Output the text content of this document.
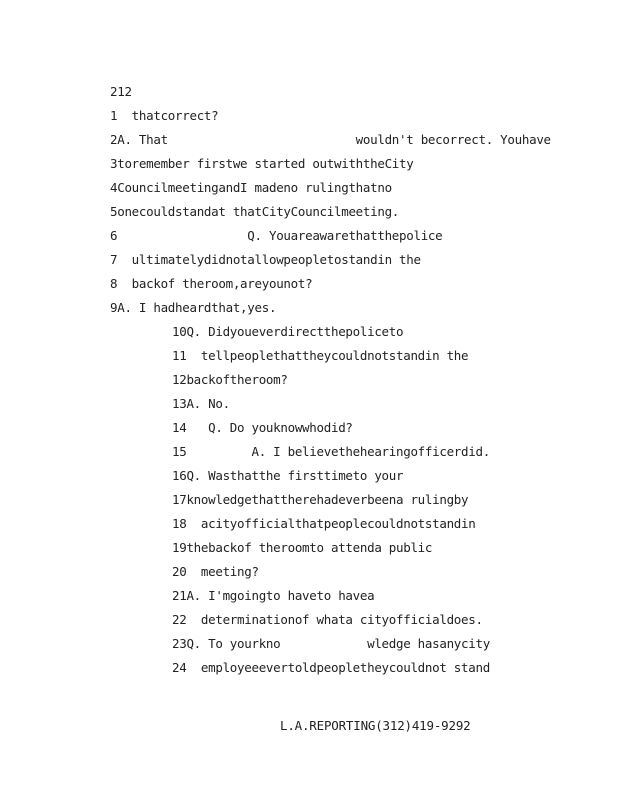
212
1  thatcorrect?
2A. That                          wouldn't becorrect. Youhave
3toremember firstwe started outwiththeCity
4CouncilmeetingandI madeno rulingthatno
5onecouldstandat thatCityCouncilmeeting.
6                  Q. Youareawarethatthepolice
7  ultimatelydidnotallowpeopletostandin the
8  backof theroom,areyounot?
9A. I hadheardthat,yes.
10Q. Didyoueverdirectthepoliceto
11  tellpeoplethattheycouldnotstandin the
12backoftheroom?
13A. No.
14   Q. Do youknowwhodid?
15         A. I believethehearingofficerdid.
16Q. Wasthatthe firsttimeto your
17knowledgethattherehadeverbeena rulingby
18  acityofficialthatpeoplecouldnotstandin
19thebackof theroomto attenda public
20  meeting?
21A. I'mgoingto haveto havea
22  determinationof whata cityofficialdoes.
23Q. To yourkno            wledge hasanycity
24  employeeevertoldpeopletheycouldnot stand
L.A.REPORTING(312)419-9292
